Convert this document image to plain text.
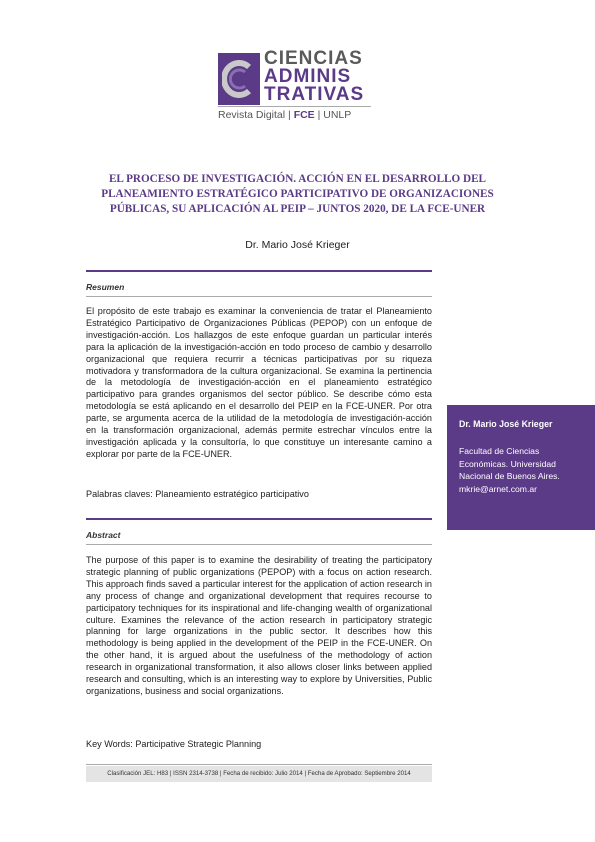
CIENCIAS
ADMINIS
TRATIVAS
Revista Digital | FCE | UNLP
EL PROCESO DE INVESTIGACIÓN. ACCIÓN EN EL DESARROLLO DEL PLANEAMIENTO ESTRATÉGICO PARTICIPATIVO DE ORGANIZACIONES PÚBLICAS, SU APLICACIÓN AL PEIP – JUNTOS 2020, DE LA FCE-UNER
Dr. Mario José Krieger
Resumen
El propósito de este trabajo es examinar la conveniencia de tratar el Planeamiento Estratégico Participativo de Organizaciones Públicas (PEPOP) con un enfoque de investigación-acción. Los hallazgos de este enfoque guardan un particular interés para la aplicación de la investigación-acción en todo proceso de cambio y desarrollo organizacional que requiera recurrir a técnicas participativas por su riqueza motivadora y transformadora de la cultura organizacional. Se examina la pertinencia de la metodología de investigación-acción en el planeamiento estratégico participativo para grandes organismos del sector público. Se describe cómo esta metodología se está aplicando en el desarrollo del PEIP en la FCE-UNER. Por otra parte, se argumenta acerca de la utilidad de la metodología de investigación-acción en la transformación organizacional, además permite estrechar vínculos entre la investigación aplicada y la consultoría, lo que constituye un interesante camino a explorar por parte de la FCE-UNER.
Palabras claves: Planeamiento estratégico participativo
Abstract
The purpose of this paper is to examine the desirability of treating the participatory strategic planning of public organizations (PEPOP) with a focus on action research. This approach finds saved a particular interest for the application of action research in any process of change and organizational development that requires recourse to participatory techniques for its inspirational and life-changing wealth of organizational culture. Examines the relevance of the action research in participatory strategic planning for large organizations in the public sector. It describes how this methodology is being applied in the development of the PEIP in the FCE-UNER. On the other hand, it is argued about the usefulness of the methodology of action research in organizational transformation, it also allows closer links between applied research and consulting, which is an interesting way to explore by Universities, Public organizations, business and social organizations.
Key Words: Participative Strategic Planning
Dr. Mario José Krieger
Facultad de Ciencias Económicas. Universidad Nacional de Buenos Aires. mkrie@arnet.com.ar
Clasificación JEL: H83 | ISSN 2314-3738 | Fecha de recibido: Julio 2014 | Fecha de Aprobado: Septiembre 2014
